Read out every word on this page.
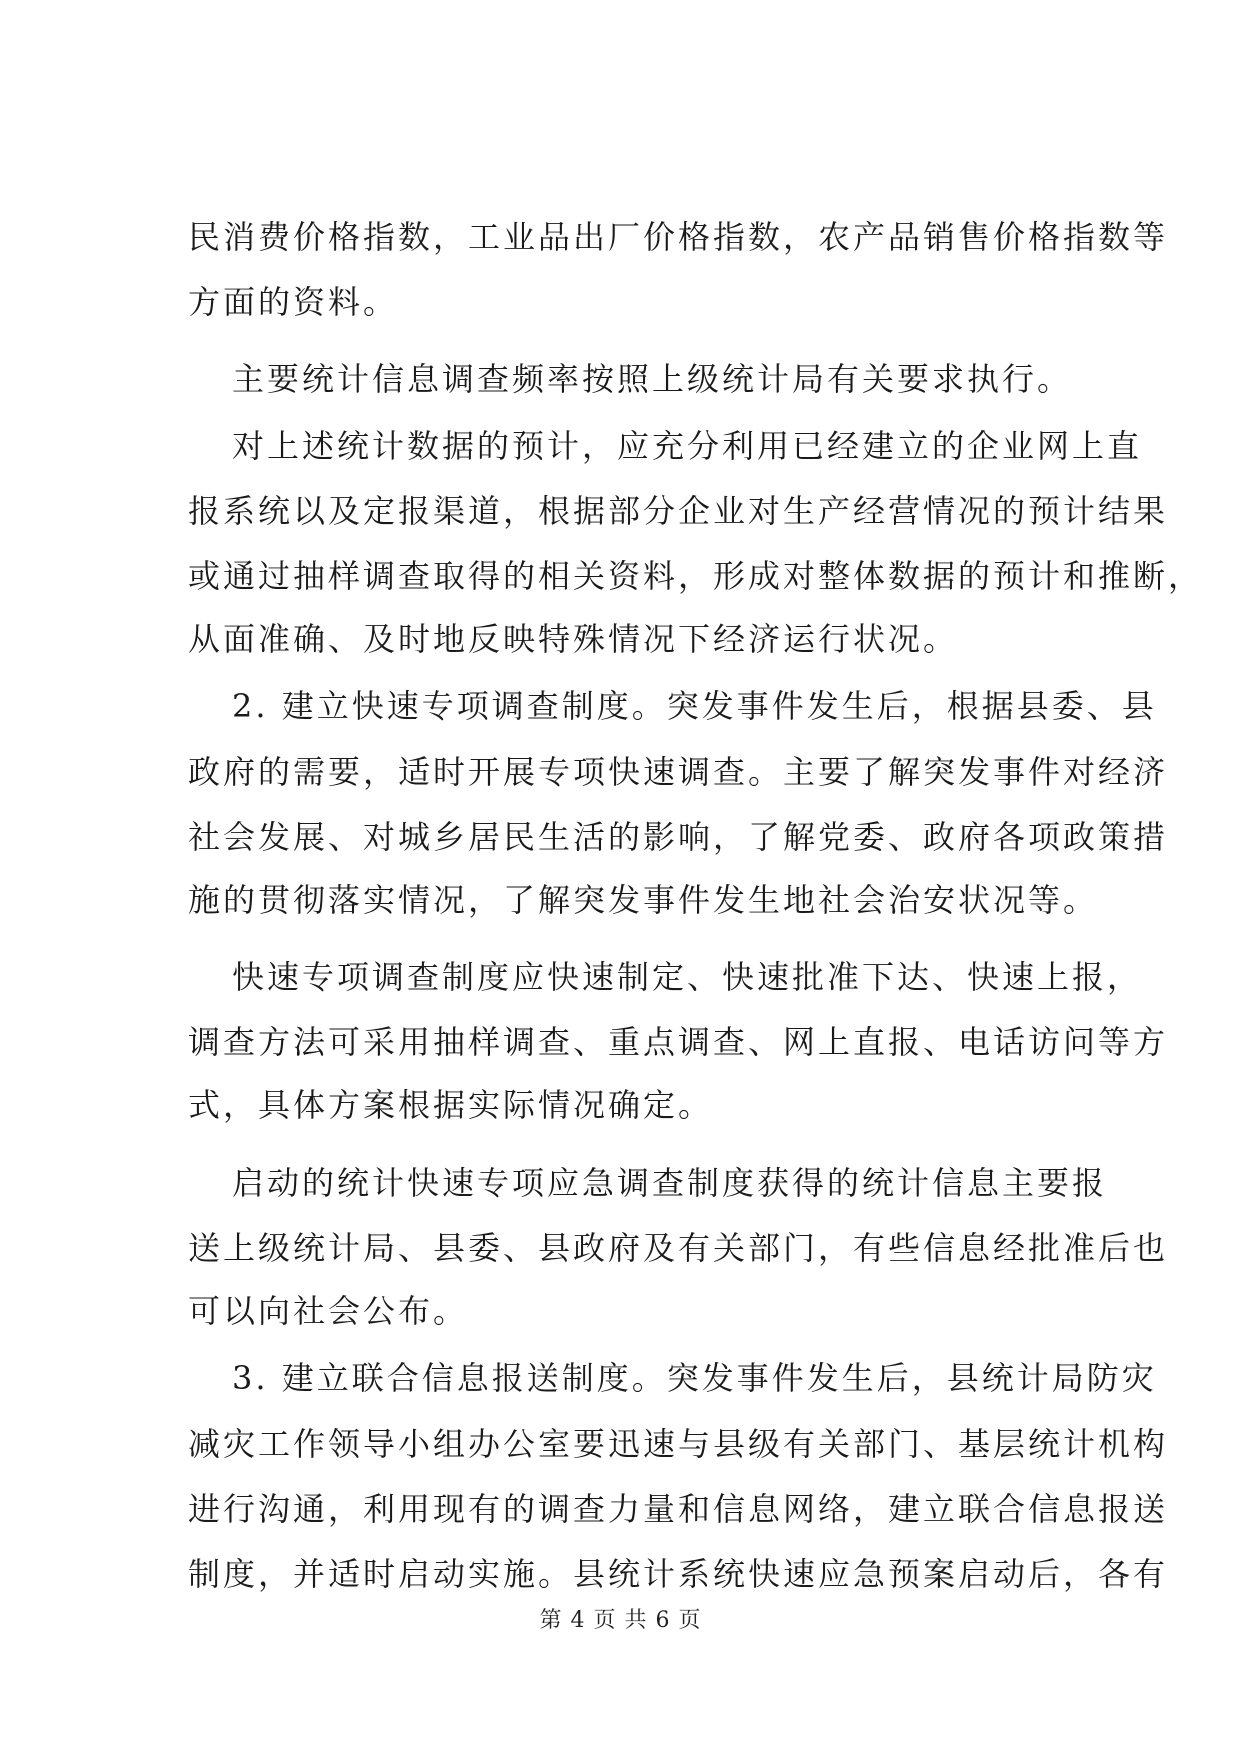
民消费价格指数，工业品出厂价格指数，农产品销售价格指数等
方面的资料。
主要统计信息调查频率按照上级统计局有关要求执行。
对上述统计数据的预计，应充分利用已经建立的企业网上直
报系统以及定报渠道，根据部分企业对生产经营情况的预计结果
或通过抽样调查取得的相关资料，形成对整体数据的预计和推断，
从面准确、及时地反映特殊情况下经济运行状况。
2. 建立快速专项调查制度。突发事件发生后，根据县委、县
政府的需要，适时开展专项快速调查。主要了解突发事件对经济
社会发展、对城乡居民生活的影响，了解党委、政府各项政策措
施的贯彻落实情况，了解突发事件发生地社会治安状况等。
快速专项调查制度应快速制定、快速批准下达、快速上报，
调查方法可采用抽样调查、重点调查、网上直报、电话访问等方
式，具体方案根据实际情况确定。
启动的统计快速专项应急调查制度获得的统计信息主要报
送上级统计局、县委、县政府及有关部门，有些信息经批准后也
可以向社会公布。
3. 建立联合信息报送制度。突发事件发生后，县统计局防灾
减灾工作领导小组办公室要迅速与县级有关部门、基层统计机构
进行沟通，利用现有的调查力量和信息网络，建立联合信息报送
制度，并适时启动实施。县统计系统快速应急预案启动后，各有
第 4 页 共 6 页
